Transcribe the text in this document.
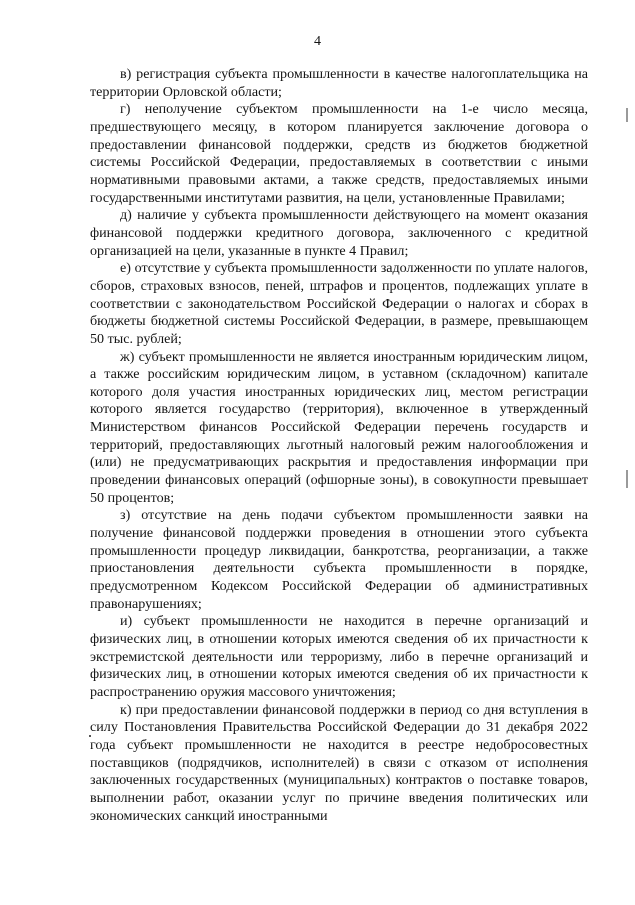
4

в) регистрация субъекта промышленности в качестве налогоплательщика на территории Орловской области;

г) неполучение субъектом промышленности на 1-е число месяца, предшествующего месяцу, в котором планируется заключение договора о предоставлении финансовой поддержки, средств из бюджетов бюджетной системы Российской Федерации, предоставляемых в соответствии с иными нормативными правовыми актами, а также средств, предоставляемых иными государственными институтами развития, на цели, установленные Правилами;

д) наличие у субъекта промышленности действующего на момент оказания финансовой поддержки кредитного договора, заключенного с кредитной организацией на цели, указанные в пункте 4 Правил;

е) отсутствие у субъекта промышленности задолженности по уплате налогов, сборов, страховых взносов, пеней, штрафов и процентов, подлежащих уплате в соответствии с законодательством Российской Федерации о налогах и сборах в бюджеты бюджетной системы Российской Федерации, в размере, превышающем 50 тыс. рублей;

ж) субъект промышленности не является иностранным юридическим лицом, а также российским юридическим лицом, в уставном (складочном) капитале которого доля участия иностранных юридических лиц, местом регистрации которого является государство (территория), включенное в утвержденный Министерством финансов Российской Федерации перечень государств и территорий, предоставляющих льготный налоговый режим налогообложения и (или) не предусматривающих раскрытия и предоставления информации при проведении финансовых операций (офшорные зоны), в совокупности превышает 50 процентов;

з) отсутствие на день подачи субъектом промышленности заявки на получение финансовой поддержки проведения в отношении этого субъекта промышленности процедур ликвидации, банкротства, реорганизации, а также приостановления деятельности субъекта промышленности в порядке, предусмотренном Кодексом Российской Федерации об административных правонарушениях;

и) субъект промышленности не находится в перечне организаций и физических лиц, в отношении которых имеются сведения об их причастности к экстремистской деятельности или терроризму, либо в перечне организаций и физических лиц, в отношении которых имеются сведения об их причастности к распространению оружия массового уничтожения;

к) при предоставлении финансовой поддержки в период со дня вступления в силу Постановления Правительства Российской Федерации до 31 декабря 2022 года субъект промышленности не находится в реестре недобросовестных поставщиков (подрядчиков, исполнителей) в связи с отказом от исполнения заключенных государственных (муниципальных) контрактов о поставке товаров, выполнении работ, оказании услуг по причине введения политических или экономических санкций иностранными
